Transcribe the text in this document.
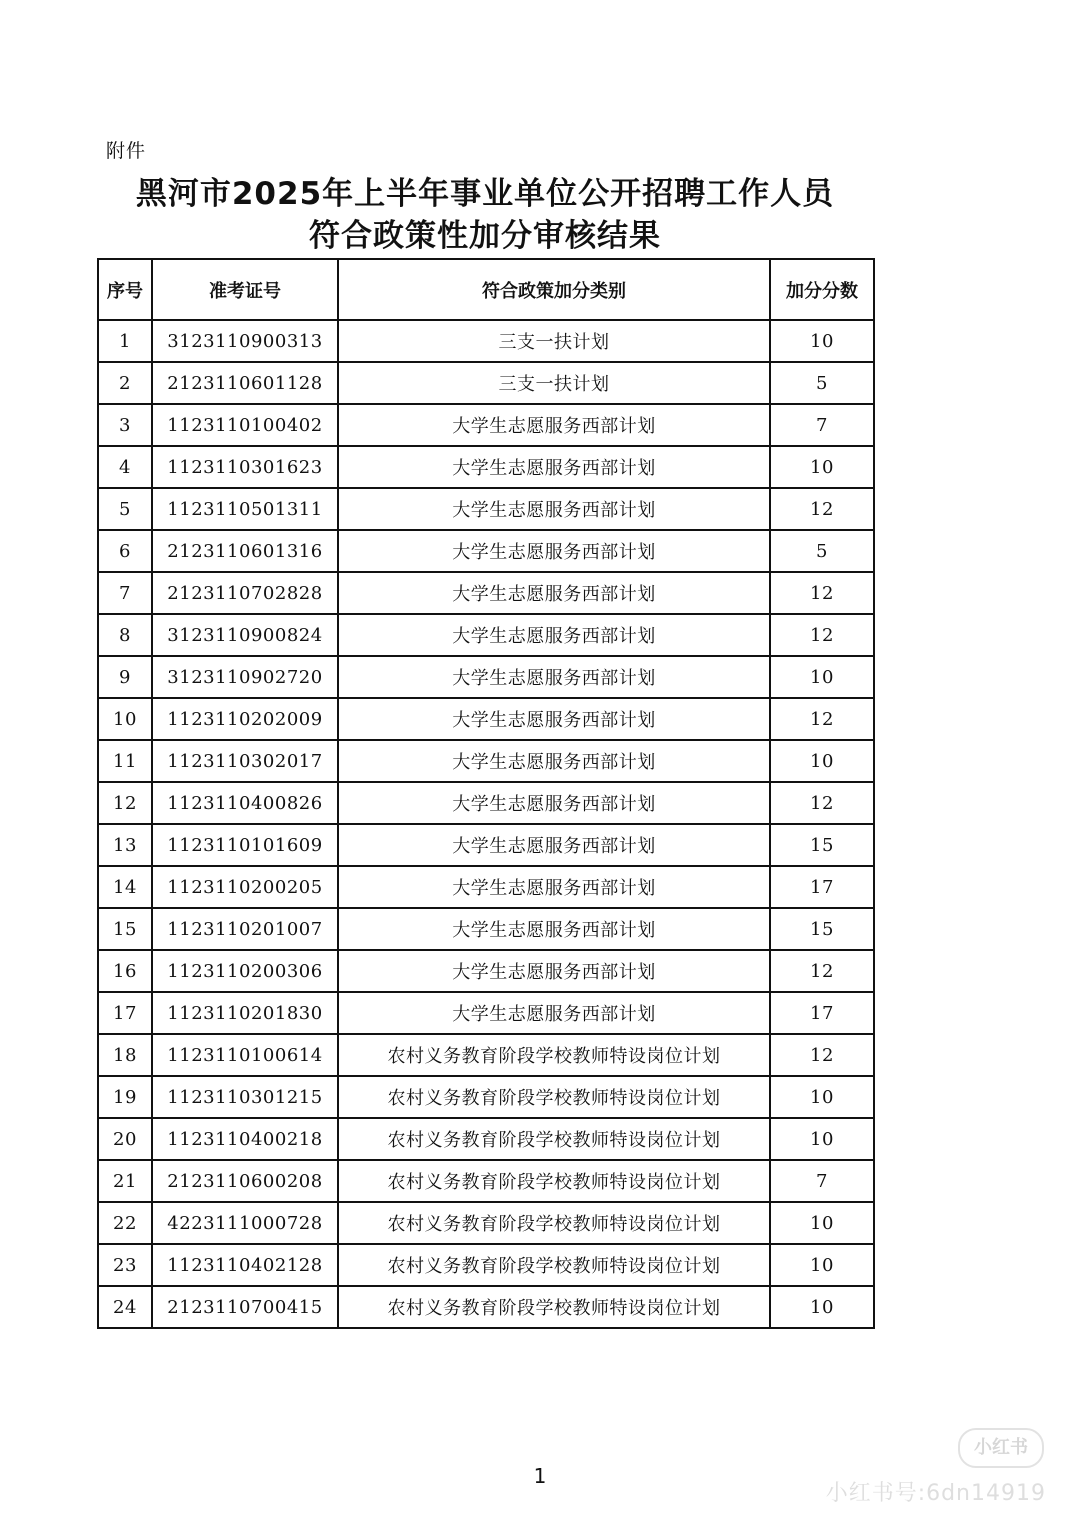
附件
黑河市2025年上半年事业单位公开招聘工作人员
符合政策性加分审核结果
序号	准考证号	符合政策加分类别	加分分数
1	3123110900313	三支一扶计划	10
2	2123110601128	三支一扶计划	5
3	1123110100402	大学生志愿服务西部计划	7
4	1123110301623	大学生志愿服务西部计划	10
5	1123110501311	大学生志愿服务西部计划	12
6	2123110601316	大学生志愿服务西部计划	5
7	2123110702828	大学生志愿服务西部计划	12
8	3123110900824	大学生志愿服务西部计划	12
9	3123110902720	大学生志愿服务西部计划	10
10	1123110202009	大学生志愿服务西部计划	12
11	1123110302017	大学生志愿服务西部计划	10
12	1123110400826	大学生志愿服务西部计划	12
13	1123110101609	大学生志愿服务西部计划	15
14	1123110200205	大学生志愿服务西部计划	17
15	1123110201007	大学生志愿服务西部计划	15
16	1123110200306	大学生志愿服务西部计划	12
17	1123110201830	大学生志愿服务西部计划	17
18	1123110100614	农村义务教育阶段学校教师特设岗位计划	12
19	1123110301215	农村义务教育阶段学校教师特设岗位计划	10
20	1123110400218	农村义务教育阶段学校教师特设岗位计划	10
21	2123110600208	农村义务教育阶段学校教师特设岗位计划	7
22	4223111000728	农村义务教育阶段学校教师特设岗位计划	10
23	1123110402128	农村义务教育阶段学校教师特设岗位计划	10
24	2123110700415	农村义务教育阶段学校教师特设岗位计划	10
1
小红书
小红书号:6dn14919
